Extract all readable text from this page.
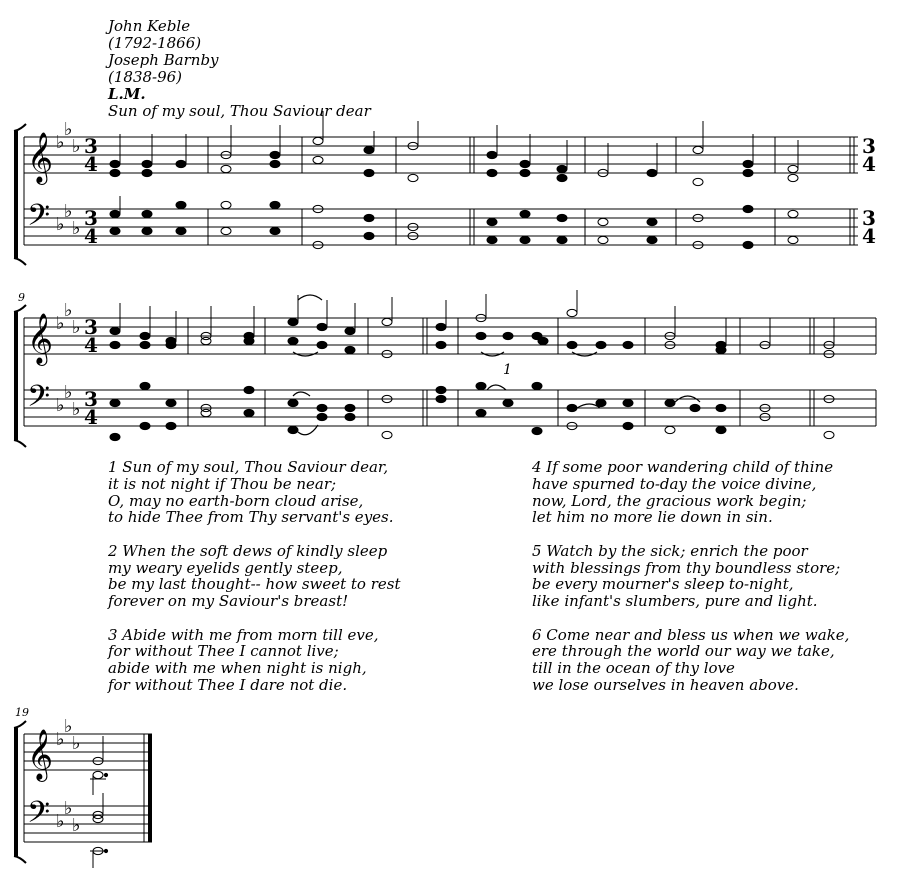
John Keble
(1792-1866)
Joseph Barnby
(1838-96)
L.M.
Sun of my soul, Thou Saviour dear
9
19
𝄞
𝄢
♭
♭
♭
♭
♭
♭
3
4
3
4
3
4
3
4
𝄞
𝄢
♭
♭
♭
♭
♭
♭
3
4
3
4
1
𝄞
𝄢
♭
♭
♭
♭
♭
♭
1 Sun of my soul, Thou Saviour dear,
it is not night if Thou be near;
O, may no earth-born cloud arise,
to hide Thee from Thy servant's eyes.
2 When the soft dews of kindly sleep
my weary eyelids gently steep,
be my last thought-- how sweet to rest
forever on my Saviour's breast!
3 Abide with me from morn till eve,
for without Thee I cannot live;
abide with me when night is nigh,
for without Thee I dare not die.
4 If some poor wandering child of thine
have spurned to-day the voice divine,
now, Lord, the gracious work begin;
let him no more lie down in sin.
5 Watch by the sick; enrich the poor
with blessings from thy boundless store;
be every mourner's sleep to-night,
like infant's slumbers, pure and light.
6 Come near and bless us when we wake,
ere through the world our way we take,
till in the ocean of thy love
we lose ourselves in heaven above.
